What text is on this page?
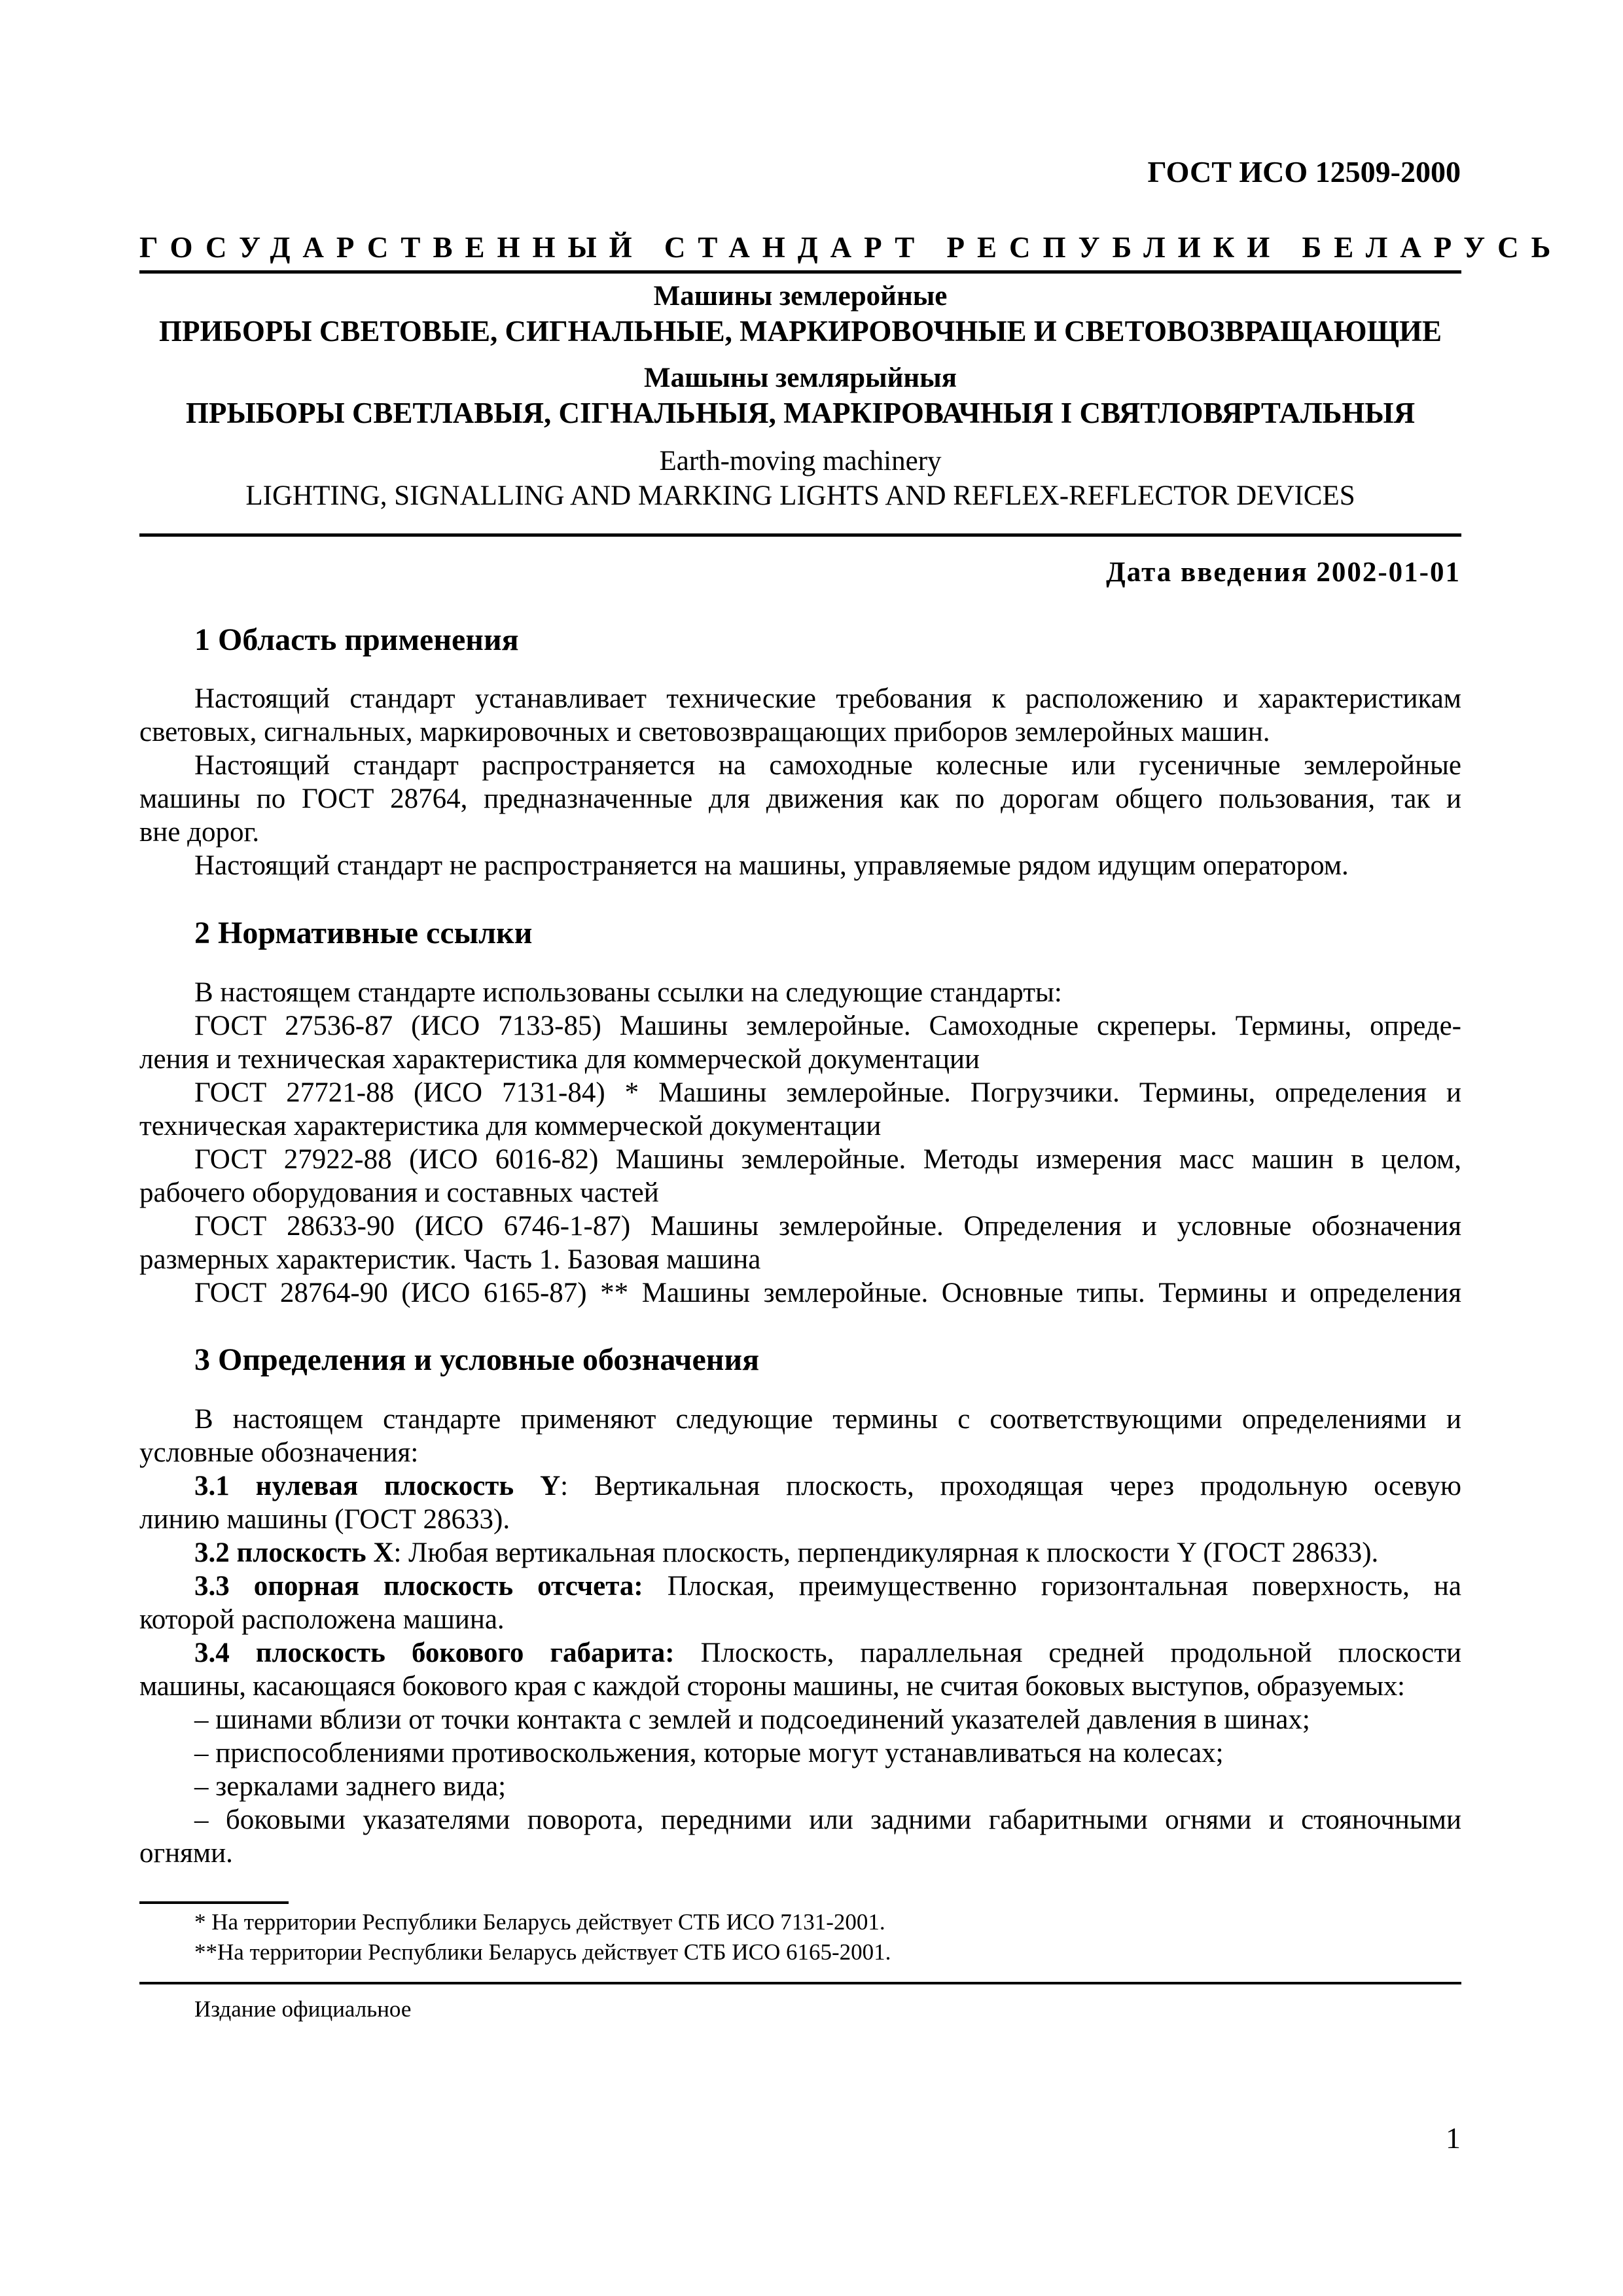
ГОСТ ИСО 12509-2000
ГОСУДАРСТВЕННЫЙ СТАНДАРТ РЕСПУБЛИКИ БЕЛАРУСЬ
Машины землеройные
ПРИБОРЫ СВЕТОВЫЕ, СИГНАЛЬНЫЕ, МАРКИРОВОЧНЫЕ И СВЕТОВОЗВРАЩАЮЩИЕ
Машыны землярыйныя
ПРЫБОРЫ СВЕТЛАВЫЯ, СІГНАЛЬНЫЯ, МАРКІРОВАЧНЫЯ І СВЯТЛОВЯРТАЛЬНЫЯ
Earth-moving machinery
LIGHTING, SIGNALLING AND MARKING LIGHTS AND REFLEX-REFLECTOR DEVICES
Дата введения 2002-01-01
1 Область применения
Настоящий стандарт устанавливает технические требования к расположению и характеристикам
световых, сигнальных, маркировочных и световозвращающих приборов землеройных машин.
Настоящий стандарт распространяется на самоходные колесные или гусеничные землеройные
машины по ГОСТ 28764, предназначенные для движения как по дорогам общего пользования, так и
вне дорог.
Настоящий стандарт не распространяется на машины, управляемые рядом идущим оператором.
2 Нормативные ссылки
В настоящем стандарте использованы ссылки на следующие стандарты:
ГОСТ 27536-87 (ИСО 7133-85) Машины землеройные. Самоходные скреперы. Термины, опреде-
ления и техническая характеристика для коммерческой документации
ГОСТ 27721-88 (ИСО 7131-84) * Машины землеройные. Погрузчики. Термины, определения и
техническая характеристика для коммерческой документации
ГОСТ 27922-88 (ИСО 6016-82) Машины землеройные. Методы измерения масс машин в целом,
рабочего оборудования и составных частей
ГОСТ 28633-90 (ИСО 6746-1-87) Машины землеройные. Определения и условные обозначения
размерных характеристик. Часть 1. Базовая машина
ГОСТ 28764-90 (ИСО 6165-87) ** Машины землеройные. Основные типы. Термины и определения
3 Определения и условные обозначения
В настоящем стандарте применяют следующие термины с соответствующими определениями и
условные обозначения:
3.1 нулевая плоскость Y: Вертикальная плоскость, проходящая через продольную осевую
линию машины (ГОСТ 28633).
3.2 плоскость Х: Любая вертикальная плоскость, перпендикулярная к плоскости Y (ГОСТ 28633).
3.3 опорная плоскость отсчета: Плоская, преимущественно горизонтальная поверхность, на
которой расположена машина.
3.4 плоскость бокового габарита: Плоскость, параллельная средней продольной плоскости
машины, касающаяся бокового края с каждой стороны машины, не считая боковых выступов, образуемых:
– шинами вблизи от точки контакта с землей и подсоединений указателей давления в шинах;
– приспособлениями противоскольжения, которые могут устанавливаться на колесах;
– зеркалами заднего вида;
– боковыми указателями поворота, передними или задними габаритными огнями и стояночными
огнями.
* На территории Республики Беларусь действует СТБ ИСО 7131-2001.
**На территории Республики Беларусь действует СТБ ИСО 6165-2001.
Издание официальное
1
